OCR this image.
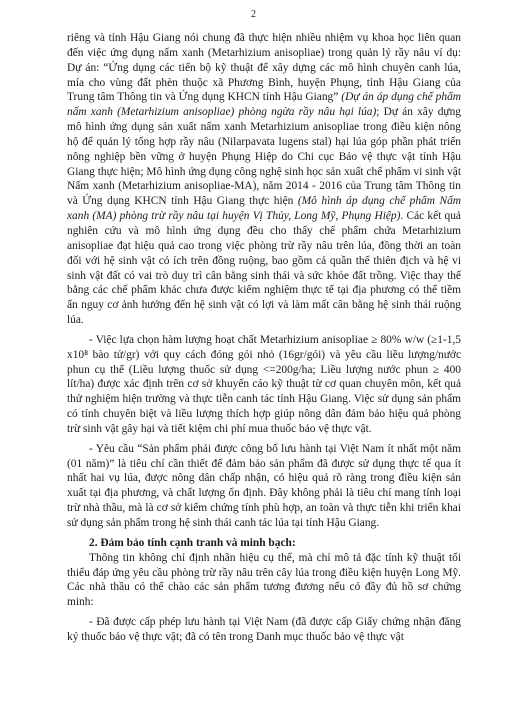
2

riêng và tỉnh Hậu Giang nói chung đã thực hiện nhiều nhiệm vụ khoa học liên quan đến việc ứng dụng nấm xanh (Metarhizium anisopliae) trong quản lý rầy nâu ví dụ: Dự án: “Ứng dụng các tiến bộ kỹ thuật để xây dựng các mô hình chuyên canh lúa, mía cho vùng đất phèn thuộc xã Phương Bình, huyện Phụng, tỉnh Hậu Giang của Trung tâm Thông tin và Ứng dụng KHCN tỉnh Hậu Giang” (Dự án áp dụng chế phẩm nấm xanh (Metarhizium anisopliae) phòng ngừa rầy nâu hại lúa); Dự án xây dựng mô hình ứng dụng sản xuất nấm xanh Metarhizium anisopliae trong điều kiện nông hộ để quản lý tổng hợp rầy nâu (Nilarpavata lugens stal) hại lúa góp phần phát triển nông nghiệp bền vững ở huyện Phụng Hiệp do Chi cục Bảo vệ thực vật tỉnh Hậu Giang thực hiện; Mô hình ứng dụng công nghệ sinh học sản xuất chế phẩm vi sinh vật Nấm xanh (Metarhizium anisopliae-MA), năm 2014 - 2016 của Trung tâm Thông tin và Ứng dụng KHCN tỉnh Hậu Giang thực hiện (Mô hình áp dụng chế phẩm Nấm xanh (MA) phòng trừ rầy nâu tại huyện Vị Thủy, Long Mỹ, Phụng Hiệp). Các kết quả nghiên cứu và mô hình ứng dụng đều cho thấy chế phẩm chứa Metarhizium anisopliae đạt hiệu quả cao trong việc phòng trừ rầy nâu trên lúa, đồng thời an toàn đối với hệ sinh vật có ích trên đồng ruộng, bao gồm cả quần thể thiên địch và hệ vi sinh vật đất có vai trò duy trì cân bằng sinh thái và sức khỏe đất trồng. Việc thay thế bằng các chế phẩm khác chưa được kiểm nghiệm thực tế tại địa phương có thể tiềm ẩn nguy cơ ảnh hưởng đến hệ sinh vật có lợi và làm mất cân bằng hệ sinh thái ruộng lúa.

- Việc lựa chọn hàm lượng hoạt chất Metarhizium anisopliae ≥ 80% w/w (≥1-1,5 x10⁸ bào tử/gr) với quy cách đóng gói nhỏ (16gr/gói) và yêu cầu liều lượng/nước phun cụ thể (Liều lượng thuốc sử dụng <=200g/ha; Liều lượng nước phun ≥ 400 lít/ha) được xác định trên cơ sở khuyến cáo kỹ thuật từ cơ quan chuyên môn, kết quả thử nghiệm hiện trường và thực tiễn canh tác tỉnh Hậu Giang. Việc sử dụng sản phẩm có tính chuyên biệt và liều lượng thích hợp giúp nông dân đảm bảo hiệu quả phòng trừ sinh vật gây hại và tiết kiệm chi phí mua thuốc bảo vệ thực vật.

- Yêu cầu “Sản phẩm phải được công bố lưu hành tại Việt Nam ít nhất một năm (01 năm)” là tiêu chí cần thiết để đảm bảo sản phẩm đã được sử dụng thực tế qua ít nhất hai vụ lúa, được nông dân chấp nhận, có hiệu quả rõ ràng trong điều kiện sản xuất tại địa phương, và chất lượng ổn định. Đây không phải là tiêu chí mang tính loại trừ nhà thầu, mà là cơ sở kiểm chứng tính phù hợp, an toàn và thực tiễn khi triển khai sử dụng sản phẩm trong hệ sinh thái canh tác lúa tại tỉnh Hậu Giang.

2. Đảm bảo tính cạnh tranh và minh bạch:

Thông tin không chỉ định nhãn hiệu cụ thể, mà chỉ mô tả đặc tính kỹ thuật tối thiểu đáp ứng yêu cầu phòng trừ rầy nâu trên cây lúa trong điều kiện huyện Long Mỹ. Các nhà thầu có thể chào các sản phẩm tương đương nếu có đầy đủ hồ sơ chứng minh:

- Đã được cấp phép lưu hành tại Việt Nam (đã được cấp Giấy chứng nhận đăng ký thuốc bảo vệ thực vật; đã có tên trong Danh mục thuốc bảo vệ thực vật
